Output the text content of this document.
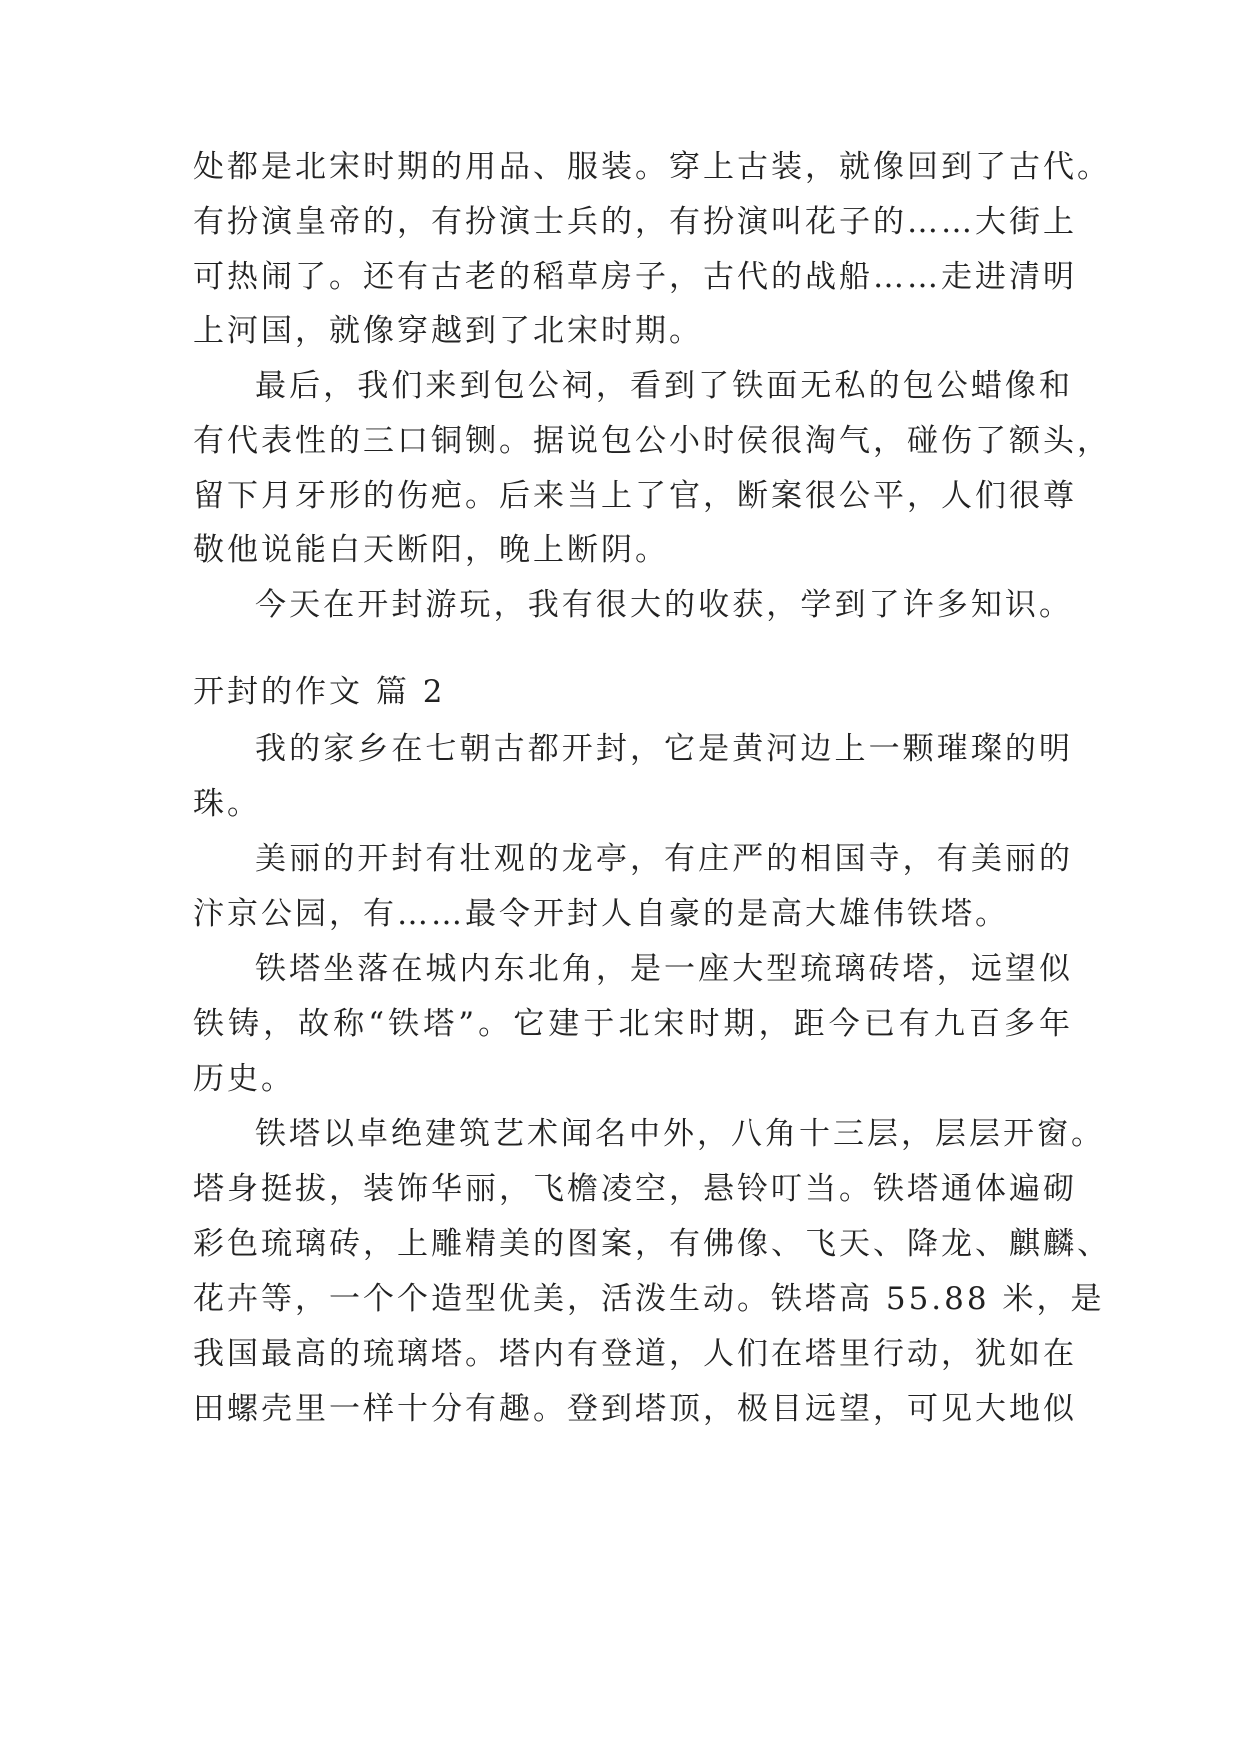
处都是北宋时期的用品、服装。穿上古装，就像回到了古代。
有扮演皇帝的，有扮演士兵的，有扮演叫花子的……大街上
可热闹了。还有古老的稻草房子，古代的战船……走进清明
上河国，就像穿越到了北宋时期。
最后，我们来到包公祠，看到了铁面无私的包公蜡像和
有代表性的三口铜铡。据说包公小时侯很淘气，碰伤了额头，
留下月牙形的伤疤。后来当上了官，断案很公平，人们很尊
敬他说能白天断阳，晚上断阴。
今天在开封游玩，我有很大的收获，学到了许多知识。
开封的作文 篇 2
我的家乡在七朝古都开封，它是黄河边上一颗璀璨的明
珠。
美丽的开封有壮观的龙亭，有庄严的相国寺，有美丽的
汴京公园，有……最令开封人自豪的是高大雄伟铁塔。
铁塔坐落在城内东北角，是一座大型琉璃砖塔，远望似
铁铸，故称“铁塔”。它建于北宋时期，距今已有九百多年
历史。
铁塔以卓绝建筑艺术闻名中外，八角十三层，层层开窗。
塔身挺拔，装饰华丽，飞檐凌空，悬铃叮当。铁塔通体遍砌
彩色琉璃砖，上雕精美的图案，有佛像、飞天、降龙、麒麟、
花卉等，一个个造型优美，活泼生动。铁塔高 55.88 米，是
我国最高的琉璃塔。塔内有登道，人们在塔里行动，犹如在
田螺壳里一样十分有趣。登到塔顶，极目远望，可见大地似
